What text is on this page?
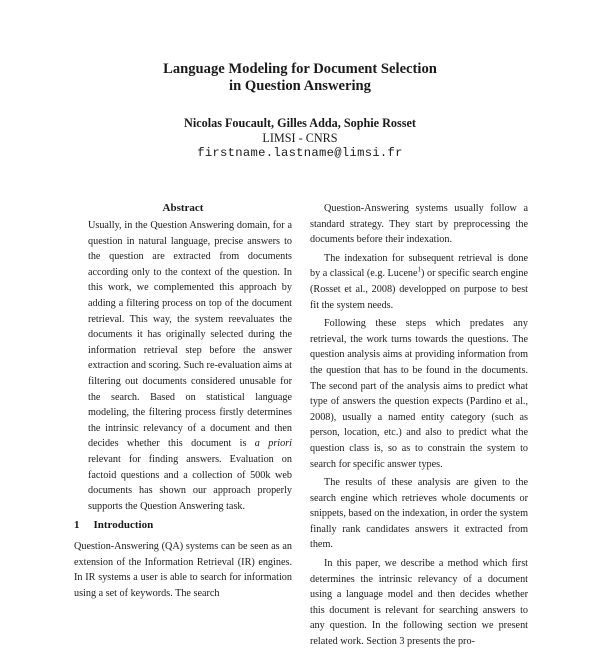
Language Modeling for Document Selection
in Question Answering
Nicolas Foucault, Gilles Adda, Sophie Rosset
LIMSI - CNRS
firstname.lastname@limsi.fr
Abstract
Usually, in the Question Answering domain, for a question in natural language, precise answers to the question are extracted from documents according only to the context of the question. In this work, we complemented this approach by adding a filtering process on top of the document retrieval. This way, the system reevaluates the documents it has originally selected during the information retrieval step before the answer extraction and scoring. Such re-evaluation aims at filtering out documents considered unusable for the search. Based on statistical language modeling, the filtering process firstly determines the intrinsic relevancy of a document and then decides whether this document is a priori relevant for finding answers. Evaluation on factoid questions and a collection of 500k web documents has shown our approach properly supports the Question Answering task.
1 Introduction

Question-Answering (QA) systems can be seen as an extension of the Information Retrieval (IR) engines. In IR systems a user is able to search for information using a set of keywords. The search

Question-Answering systems usually follow a standard strategy. They start by preprocessing the documents before their indexation.

The indexation for subsequent retrieval is done by a classical (e.g. Lucene$^1$) or specific search engine (Rosset et al., 2008) developped on purpose to best fit the system needs.

Following these steps which predates any retrieval, the work turns towards the questions. The question analysis aims at providing information from the question that has to be found in the documents. The second part of the analysis aims to predict what type of answers the question expects (Pardino et al., 2008), usually a named entity category (such as person, location, etc.) and also to predict what the question class is, so as to constrain the system to search for specific answer types.

The results of these analysis are given to the search engine which retrieves whole documents or snippets, based on the indexation, in order the system finally rank candidates answers it extracted from them.

In this paper, we describe a method which first determines the intrinsic relevancy of a document using a language model and then decides whether this document is relevant for searching answers to any question. In the following section we present related work. Section 3 presents the pro-
